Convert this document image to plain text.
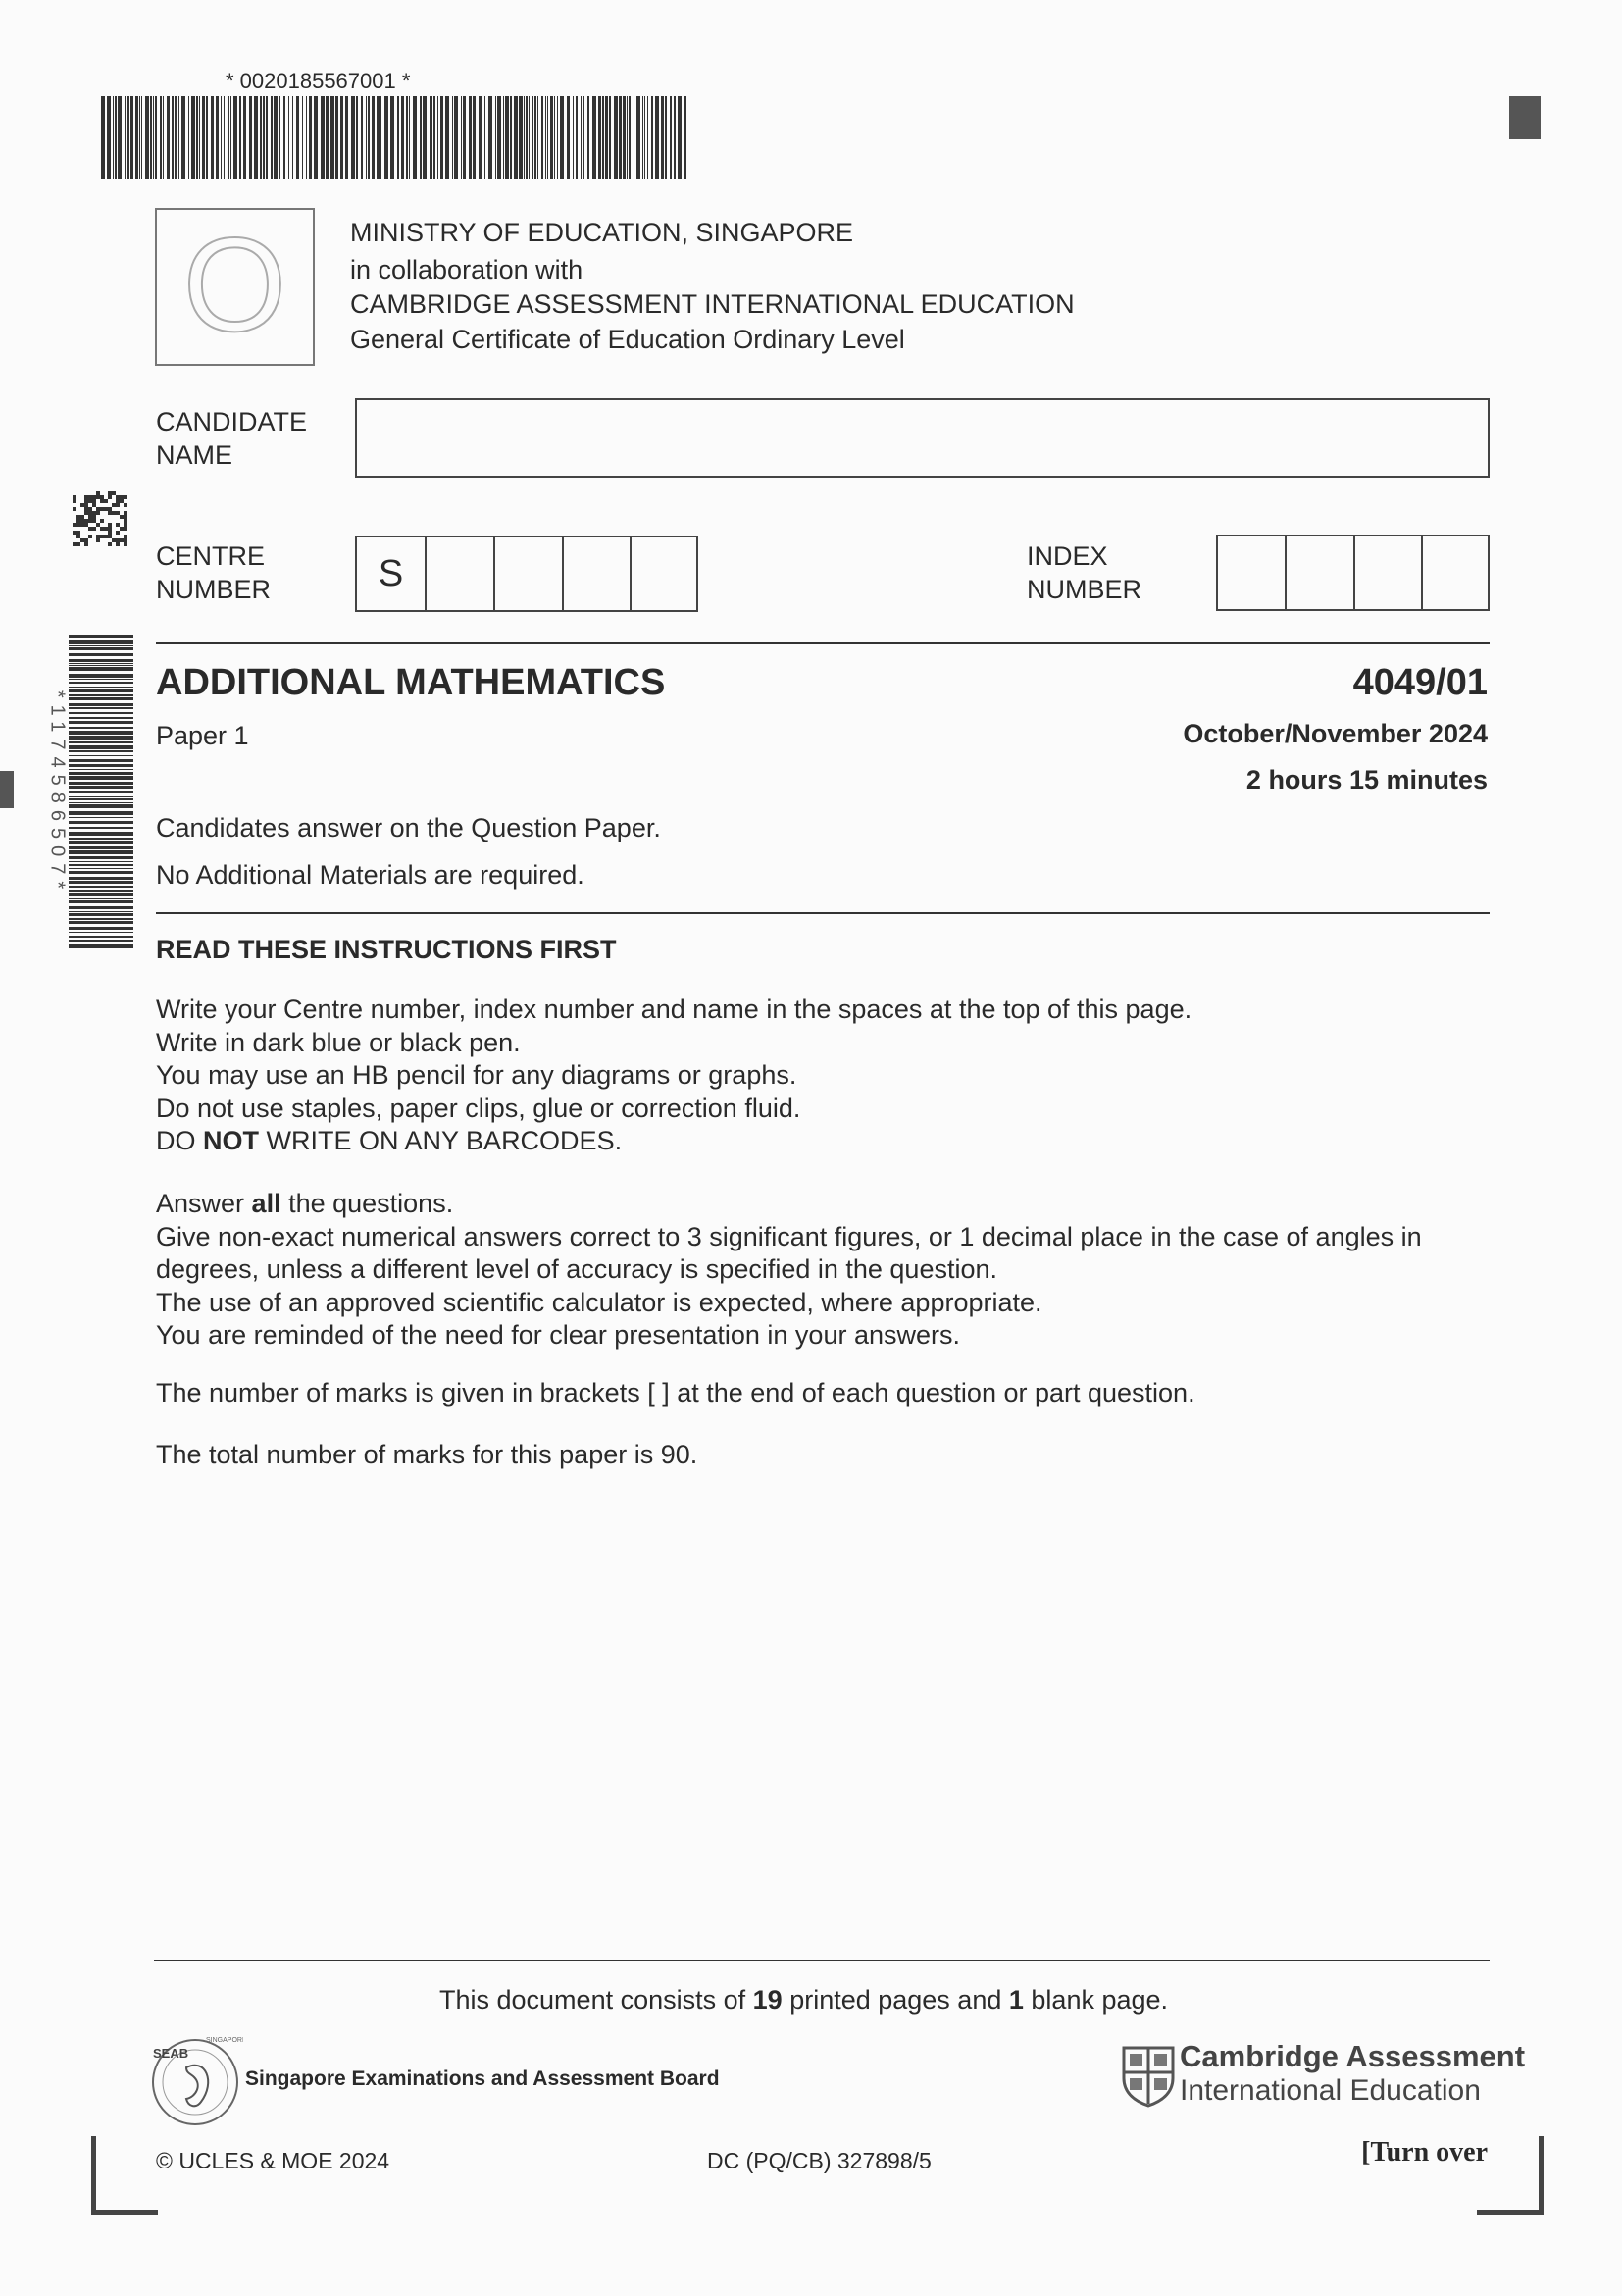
* 0020185567001 *
O	MINISTRY OF EDUCATION, SINGAPORE
in collaboration with
CAMBRIDGE ASSESSMENT INTERNATIONAL EDUCATION
General Certificate of Education Ordinary Level
CANDIDATE
NAME
CENTRE
NUMBER	S	INDEX
NUMBER
*1174586507*
ADDITIONAL MATHEMATICS	4049/01
Paper 1	October/November 2024
2 hours 15 minutes
Candidates answer on the Question Paper.
No Additional Materials are required.
READ THESE INSTRUCTIONS FIRST
Write your Centre number, index number and name in the spaces at the top of this page.
Write in dark blue or black pen.
You may use an HB pencil for any diagrams or graphs.
Do not use staples, paper clips, glue or correction fluid.
DO NOT WRITE ON ANY BARCODES.
Answer all the questions.
Give non-exact numerical answers correct to 3 significant figures, or 1 decimal place in the case of angles in
degrees, unless a different level of accuracy is specified in the question.
The use of an approved scientific calculator is expected, where appropriate.
You are reminded of the need for clear presentation in your answers.
The number of marks is given in brackets [ ] at the end of each question or part question.
The total number of marks for this paper is 90.
This document consists of 19 printed pages and 1 blank page.
SEAB
SINGAPORE
Singapore Examinations and Assessment Board
Cambridge Assessment
International Education
© UCLES & MOE 2024	DC (PQ/CB) 327898/5	[Turn over
